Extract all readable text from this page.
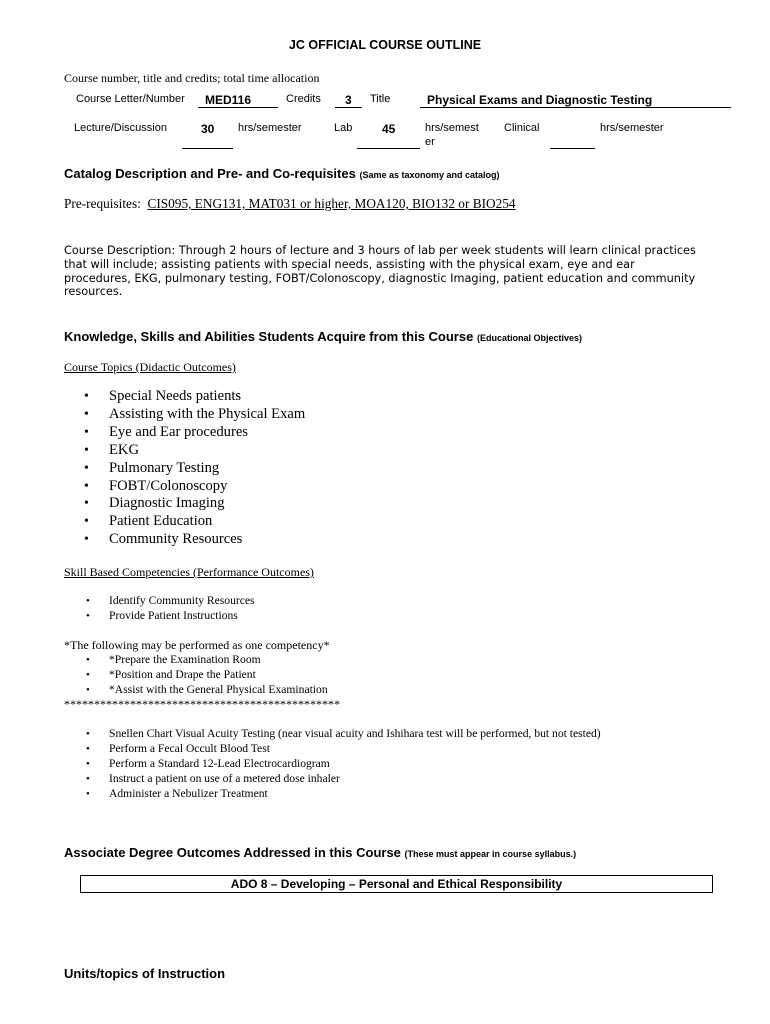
JC OFFICIAL COURSE OUTLINE
Course number, title and credits; total time allocation
Course Letter/Number MED116	Credits 3 Title	Physical Exams and Diagnostic Testing
Lecture/Discussion	30 hrs/semester	Lab 45	hrs/semest
er
Clinical	hrs/semester
Catalog Description and Pre- and Co-requisites (Same as taxonomy and catalog)
Pre-requisites: CIS095, ENG131, MAT031 or higher, MOA120, BIO132 or BIO254
Course Description: Through 2 hours of lecture and 3 hours of lab per week students will learn clinical practices that will include; assisting patients with special needs, assisting with the physical exam, eye and ear procedures, EKG, pulmonary testing, FOBT/Colonoscopy, diagnostic Imaging, patient education and community resources.
Knowledge, Skills and Abilities Students Acquire from this Course (Educational Objectives)
Course Topics (Didactic Outcomes)
• Special Needs patients
• Assisting with the Physical Exam
• Eye and Ear procedures
• EKG
• Pulmonary Testing
• FOBT/Colonoscopy
• Diagnostic Imaging
• Patient Education
• Community Resources
Skill Based Competencies (Performance Outcomes)
• Identify Community Resources
• Provide Patient Instructions
*The following may be performed as one competency*
• *Prepare the Examination Room
• *Position and Drape the Patient
• *Assist with the General Physical Examination
**********************************************
• Snellen Chart Visual Acuity Testing (near visual acuity and Ishihara test will be performed, but not tested)
• Perform a Fecal Occult Blood Test
• Perform a Standard 12-Lead Electrocardiogram
• Instruct a patient on use of a metered dose inhaler
• Administer a Nebulizer Treatment
Associate Degree Outcomes Addressed in this Course (These must appear in course syllabus.)
ADO 8 – Developing – Personal and Ethical Responsibility
Units/topics of Instruction
